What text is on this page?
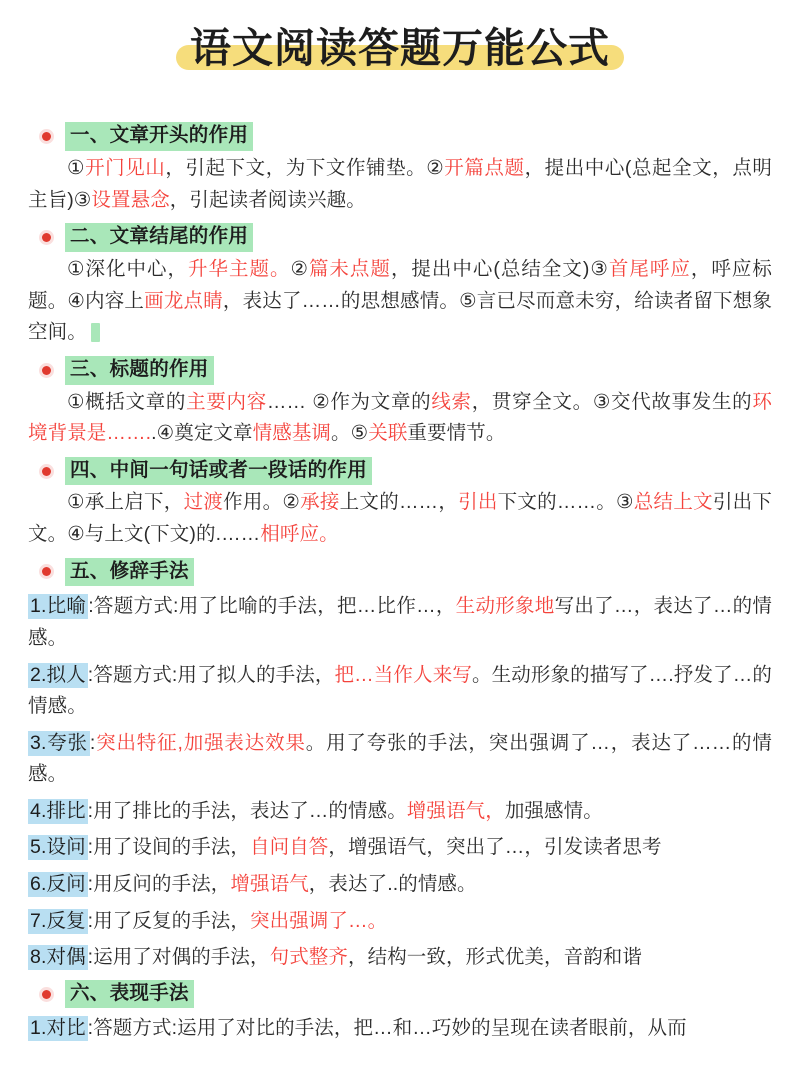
语文阅读答题万能公式
一、文章开头的作用
①开门见山，引起下文，为下文作铺垫。②开篇点题，提出中心(总起全文，点明主旨)③设置悬念，引起读者阅读兴趣。
二、文章结尾的作用
①深化中心，升华主题。②篇未点题，提出中心(总结全文)③首尾呼应，呼应标题。④内容上画龙点睛，表达了……的思想感情。⑤言已尽而意未穷，给读者留下想象空间。
三、标题的作用
①概括文章的主要内容…… ②作为文章的线索，贯穿全文。③交代故事发生的环境背景是……..④奠定文章情感基调。⑤关联重要情节。
四、中间一句话或者一段话的作用
①承上启下，过渡作用。②承接上文的……，引出下文的……。③总结上文引出下文。④与上文(下文)的.……相呼应。
五、修辞手法
1.比喻 :答题方式:用了比喻的手法，把…比作…，生动形象地写出了…，表达了…的情感。
2.拟人 :答题方式:用了拟人的手法，把…当作人来写。生动形象的描写了….抒发了…的情感。
3.夸张 :突出特征,加强表达效果。用了夸张的手法，突出强调了…，表达了……的情感。
4.排比 :用了排比的手法，表达了…的情感。增强语气，加强感情。
5.设问 :用了设间的手法，自问自答，增强语气，突出了…，引发读者思考
6.反问 :用反问的手法，增强语气，表达了..的情感。
7.反复 :用了反复的手法，突出强调了…。
8.对偶 :运用了对偶的手法，句式整齐，结构一致，形式优美，音韵和谐
六、表现手法
1.对比 :答题方式:运用了对比的手法，把…和…巧妙的呈现在读者眼前，从而
